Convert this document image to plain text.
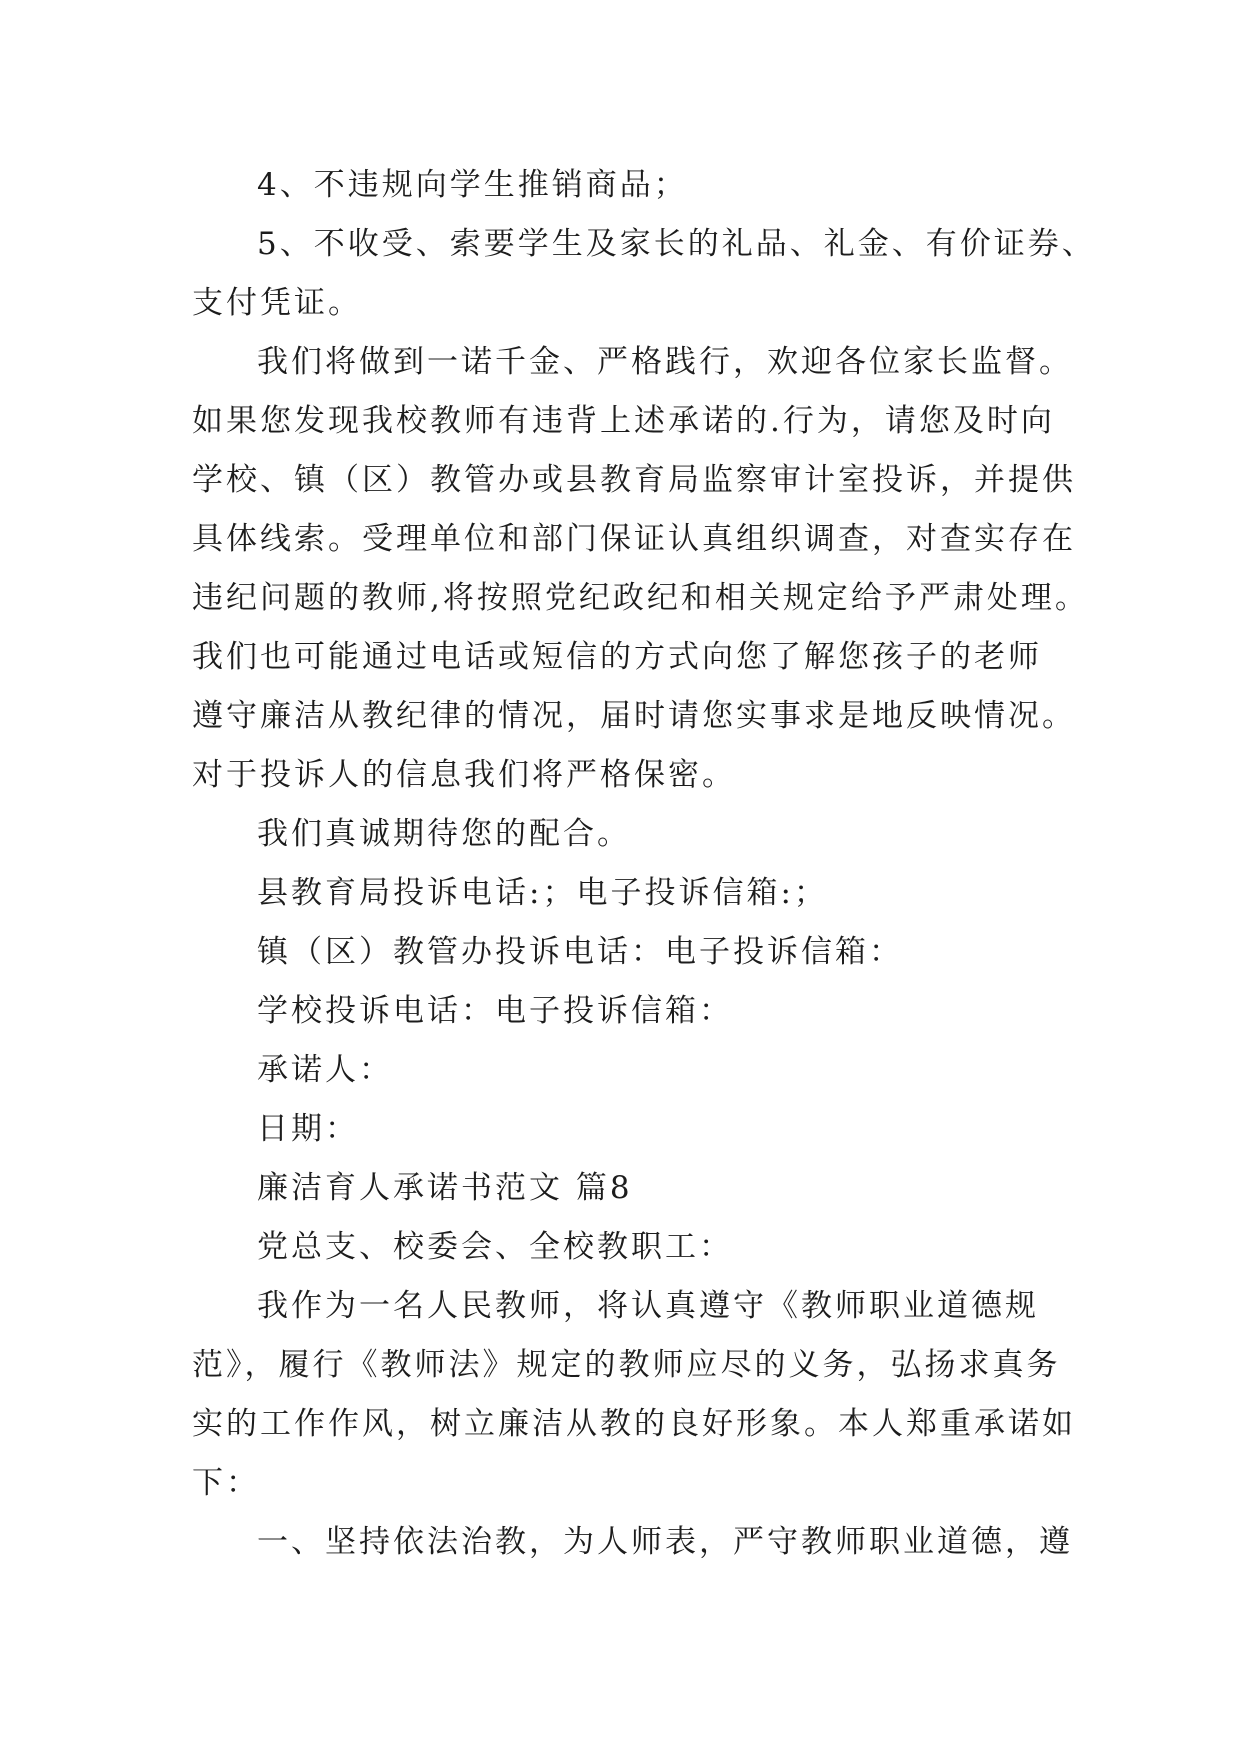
4、不违规向学生推销商品；
5、不收受、索要学生及家长的礼品、礼金、有价证券、
支付凭证。
我们将做到一诺千金、严格践行，欢迎各位家长监督。
如果您发现我校教师有违背上述承诺的.行为，请您及时向
学校、镇（区）教管办或县教育局监察审计室投诉，并提供
具体线索。受理单位和部门保证认真组织调查，对查实存在
违纪问题的教师,将按照党纪政纪和相关规定给予严肃处理。
我们也可能通过电话或短信的方式向您了解您孩子的老师
遵守廉洁从教纪律的情况，届时请您实事求是地反映情况。
对于投诉人的信息我们将严格保密。
我们真诚期待您的配合。
县教育局投诉电话:；电子投诉信箱:；
镇（区）教管办投诉电话：电子投诉信箱：
学校投诉电话：电子投诉信箱：
承诺人：
日期：
廉洁育人承诺书范文 篇8
党总支、校委会、全校教职工：
我作为一名人民教师，将认真遵守《教师职业道德规
范》，履行《教师法》规定的教师应尽的义务，弘扬求真务
实的工作作风，树立廉洁从教的良好形象。本人郑重承诺如
下：
一、坚持依法治教，为人师表，严守教师职业道德，遵
